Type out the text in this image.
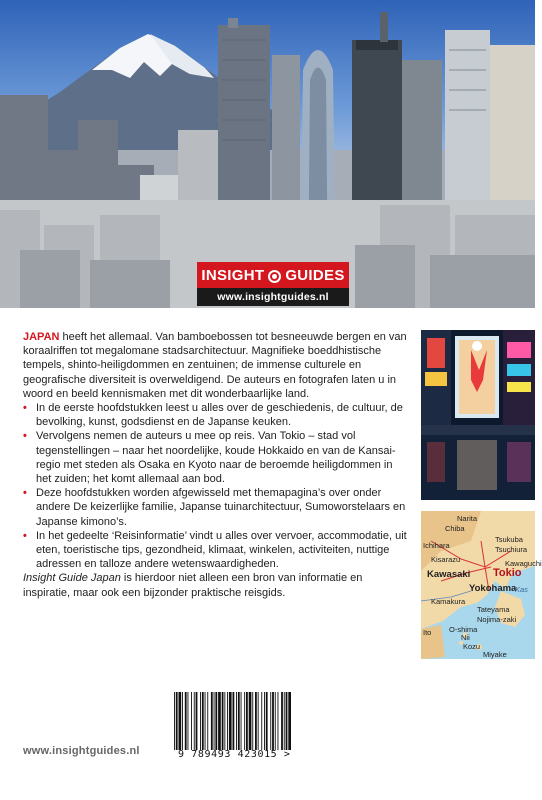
INSIGHT GUIDES
www.insightguides.nl

JAPAN heeft het allemaal. Van bamboebossen tot besneeuwde bergen en van koraalriffen tot megalomane stadsarchitectuur. Magnifieke boeddhistische tempels, shinto-heiligdommen en zentuinen; de immense culturele en geografische diversiteit is overweldigend. De auteurs en fotografen laten u in woord en beeld kennismaken met dit wonderbaarlijke land.

• In de eerste hoofdstukken leest u alles over de geschiedenis, de cultuur, de bevolking, kunst, godsdienst en de Japanse keuken.
• Vervolgens nemen de auteurs u mee op reis. Van Tokio – stad vol tegenstellingen – naar het noordelijke, koude Hokkaido en van de Kansai-regio met steden als Osaka en Kyoto naar de beroemde heiligdommen in het zuiden; het komt allemaal aan bod.
• Deze hoofdstukken worden afgewisseld met themapagina’s over onder andere De keizerlijke familie, Japanse tuinarchitectuur, Sumoworstelaars en Japanse kimono’s.
• In het gedeelte ‘Reisinformatie’ vindt u alles over vervoer, accommodatie, uit eten, toeristische tips, gezondheid, klimaat, winkelen, activiteiten, nuttige adressen en talloze andere wetenswaardigheden.

Insight Guide Japan is hierdoor niet alleen een bron van informatie en inspiratie, maar ook een bijzonder praktische reisgids.

Narita
Tsukuba
Tsuchiura
Chiba
Ichihara
Kawaguchi
Kisarazu
Kawasaki Tokio
Yokohama
Kamakura
Tateyama
Nojima-zaki
Ito O-shima
Nii
Kozu
Miyake
Kas
9 789493 423015 >
www.insightguides.nl
